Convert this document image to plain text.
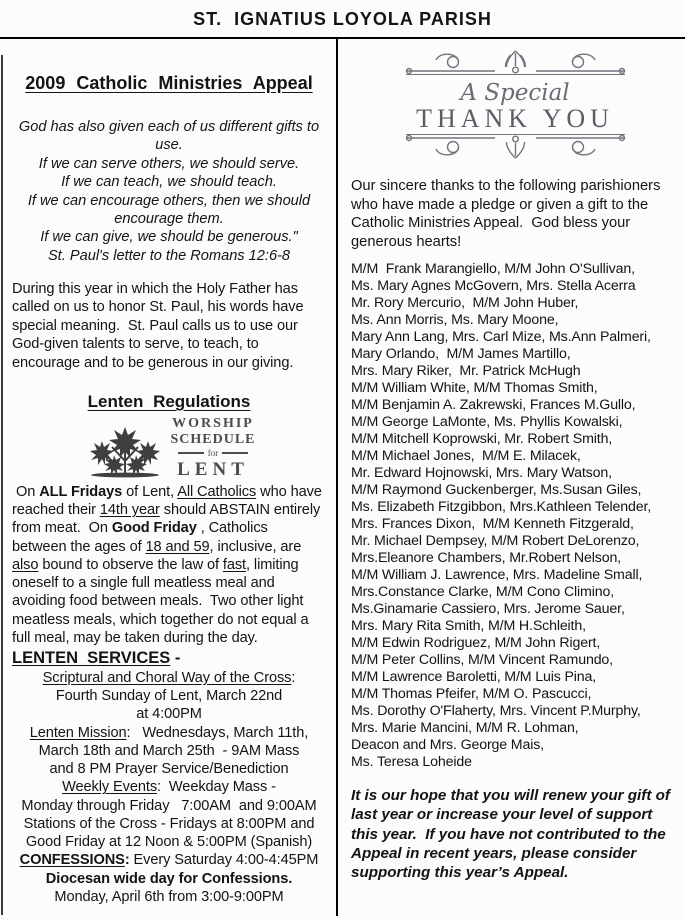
ST.  IGNATIUS LOYOLA PARISH
2009 Catholic Ministries Appeal
God has also given each of us different gifts to use.
If we can serve others, we should serve.
If we can teach, we should teach.
If we can encourage others, then we should encourage them.
If we can give, we should be generous."
St. Paul's letter to the Romans 12:6-8
During this year in which the Holy Father has called on us to honor St. Paul, his words have special meaning.  St. Paul calls us to use our God-given talents to serve, to teach, to encourage and to be generous in our giving.
Lenten Regulations
WORSHIP
SCHEDULE
for
LENT
On ALL Fridays of Lent, All Catholics who have reached their 14th year should ABSTAIN entirely from meat.  On Good Friday , Catholics between the ages of 18 and 59, inclusive, are also bound to observe the law of fast, limiting oneself to a single full meatless meal and avoiding food between meals.  Two other light meatless meals, which together do not equal a full meal, may be taken during the day.
LENTEN  SERVICES -
Scriptural and Choral Way of the Cross:
Fourth Sunday of Lent, March 22nd
at 4:00PM
Lenten Mission:   Wednesdays, March 11th,
March 18th and March 25th  - 9AM Mass
and 8 PM Prayer Service/Benediction
Weekly Events:  Weekday Mass -
Monday through Friday   7:00AM  and 9:00AM
Stations of the Cross - Fridays at 8:00PM and
Good Friday at 12 Noon & 5:00PM (Spanish)
CONFESSIONS: Every Saturday 4:00-4:45PM
Diocesan wide day for Confessions.
Monday, April 6th from 3:00-9:00PM
A Special
THANK YOU
Our sincere thanks to the following parishioners who have made a pledge or given a gift to the Catholic Ministries Appeal.  God bless your generous hearts!
M/M  Frank Marangiello, M/M John O'Sullivan,
Ms. Mary Agnes McGovern, Mrs. Stella Acerra
Mr. Rory Mercurio,  M/M John Huber,
Ms. Ann Morris, Ms. Mary Moone,
Mary Ann Lang, Mrs. Carl Mize, Ms.Ann Palmeri,
Mary Orlando,  M/M James Martillo,
Mrs. Mary Riker,  Mr. Patrick McHugh
M/M William White, M/M Thomas Smith,
M/M Benjamin A. Zakrewski, Frances M.Gullo,
M/M George LaMonte, Ms. Phyllis Kowalski,
M/M Mitchell Koprowski, Mr. Robert Smith,
M/M Michael Jones,  M/M E. Milacek,
Mr. Edward Hojnowski, Mrs. Mary Watson,
M/M Raymond Guckenberger, Ms.Susan Giles,
Ms. Elizabeth Fitzgibbon, Mrs.Kathleen Telender,
Mrs. Frances Dixon,  M/M Kenneth Fitzgerald,
Mr. Michael Dempsey, M/M Robert DeLorenzo,
Mrs.Eleanore Chambers, Mr.Robert Nelson,
M/M William J. Lawrence, Mrs. Madeline Small,
Mrs.Constance Clarke, M/M Cono Climino,
Ms.Ginamarie Cassiero, Mrs. Jerome Sauer,
Mrs. Mary Rita Smith, M/M H.Schleith,
M/M Edwin Rodriguez, M/M John Rigert,
M/M Peter Collins, M/M Vincent Ramundo,
M/M Lawrence Baroletti, M/M Luis Pina,
M/M Thomas Pfeifer, M/M O. Pascucci,
Ms. Dorothy O'Flaherty, Mrs. Vincent P.Murphy,
Mrs. Marie Mancini, M/M R. Lohman,
Deacon and Mrs. George Mais,
Ms. Teresa Loheide
It is our hope that you will renew your gift of last year or increase your level of support this year.  If you have not contributed to the Appeal in recent years, please consider supporting this year’s Appeal.
